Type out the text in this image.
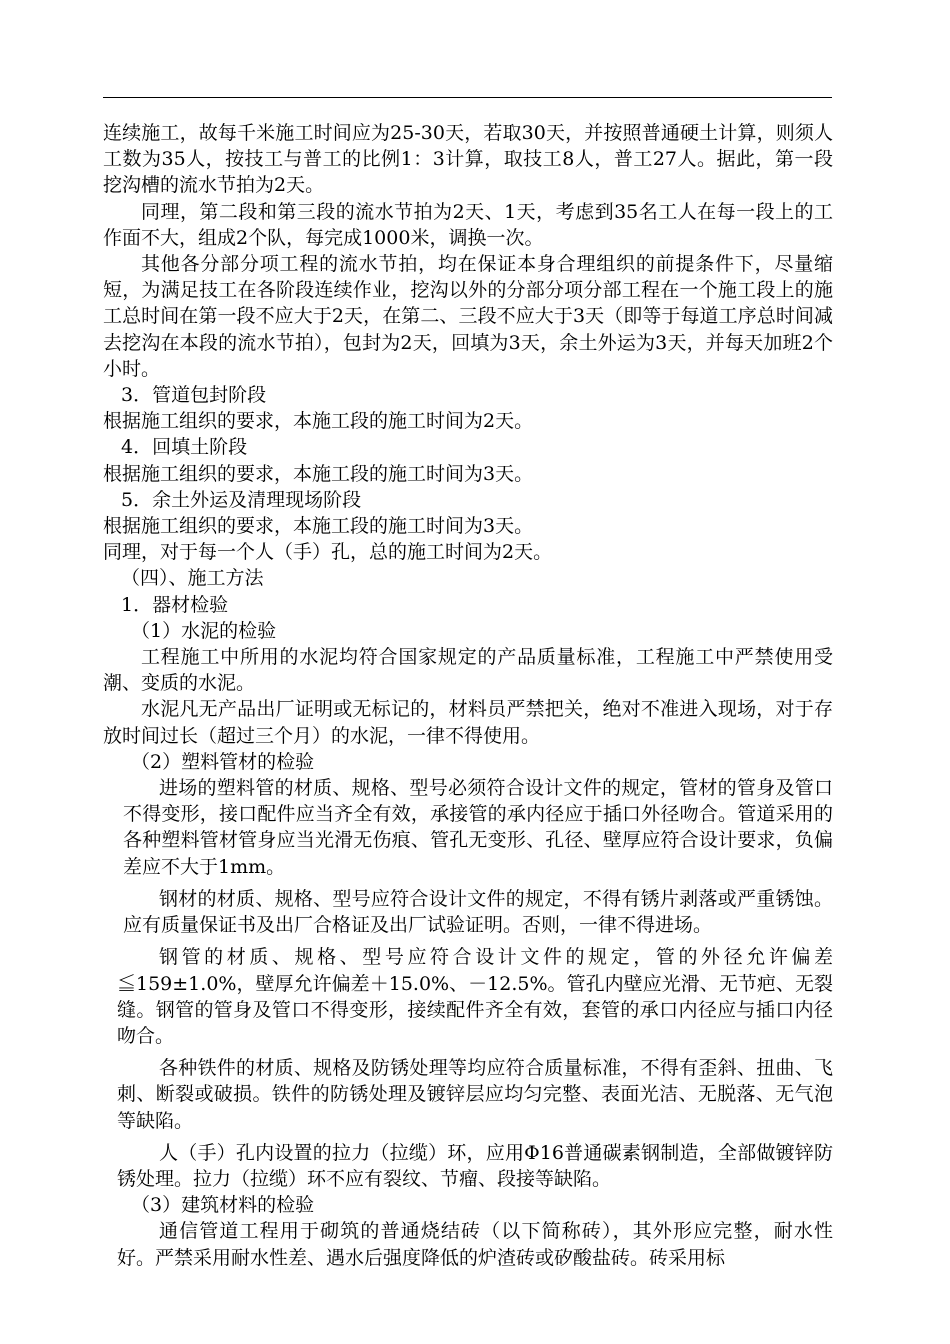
连续施工，故每千米施工时间应为25-30天，若取30天，并按照普通硬土计算，则须人工数为35人，按技工与普工的比例1：3计算，取技工8人，普工27人。据此，第一段挖沟槽的流水节拍为2天。

同理，第二段和第三段的流水节拍为2天、1天，考虑到35名工人在每一段上的工作面不大，组成2个队，每完成1000米，调换一次。

其他各分部分项工程的流水节拍，均在保证本身合理组织的前提条件下，尽量缩短，为满足技工在各阶段连续作业，挖沟以外的分部分项分部工程在一个施工段上的施工总时间在第一段不应大于2天，在第二、三段不应大于3天（即等于每道工序总时间减去挖沟在本段的流水节拍），包封为2天，回填为3天，余土外运为3天，并每天加班2个小时。

3．管道包封阶段

根据施工组织的要求，本施工段的施工时间为2天。

4．回填土阶段

根据施工组织的要求，本施工段的施工时间为3天。

5．余土外运及清理现场阶段

根据施工组织的要求，本施工段的施工时间为3天。

同理，对于每一个人（手）孔，总的施工时间为2天。

（四）、施工方法

1．器材检验

（1）水泥的检验

工程施工中所用的水泥均符合国家规定的产品质量标准，工程施工中严禁使用受潮、变质的水泥。

水泥凡无产品出厂证明或无标记的，材料员严禁把关，绝对不准进入现场，对于存放时间过长（超过三个月）的水泥，一律不得使用。

（2）塑料管材的检验

进场的塑料管的材质、规格、型号必须符合设计文件的规定，管材的管身及管口不得变形，接口配件应当齐全有效，承接管的承内径应于插口外径吻合。管道采用的各种塑料管材管身应当光滑无伤痕、管孔无变形、孔径、壁厚应符合设计要求，负偏差应不大于1mm。

钢材的材质、规格、型号应符合设计文件的规定，不得有锈片剥落或严重锈蚀。应有质量保证书及出厂合格证及出厂试验证明。否则，一律不得进场。

钢管的材质、规格、型号应符合设计文件的规定，管的外径允许偏差≦159±1.0%，壁厚允许偏差＋15.0%、－12.5%。管孔内壁应光滑、无节疤、无裂缝。钢管的管身及管口不得变形，接续配件齐全有效，套管的承口内径应与插口内径吻合。

各种铁件的材质、规格及防锈处理等均应符合质量标准，不得有歪斜、扭曲、飞刺、断裂或破损。铁件的防锈处理及镀锌层应均匀完整、表面光洁、无脱落、无气泡等缺陷。

人（手）孔内设置的拉力（拉缆）环，应用Φ16普通碳素钢制造，全部做镀锌防锈处理。拉力（拉缆）环不应有裂纹、节瘤、段接等缺陷。

（3）建筑材料的检验

通信管道工程用于砌筑的普通烧结砖（以下简称砖），其外形应完整，耐水性好。严禁采用耐水性差、遇水后强度降低的炉渣砖或矽酸盐砖。砖采用标
